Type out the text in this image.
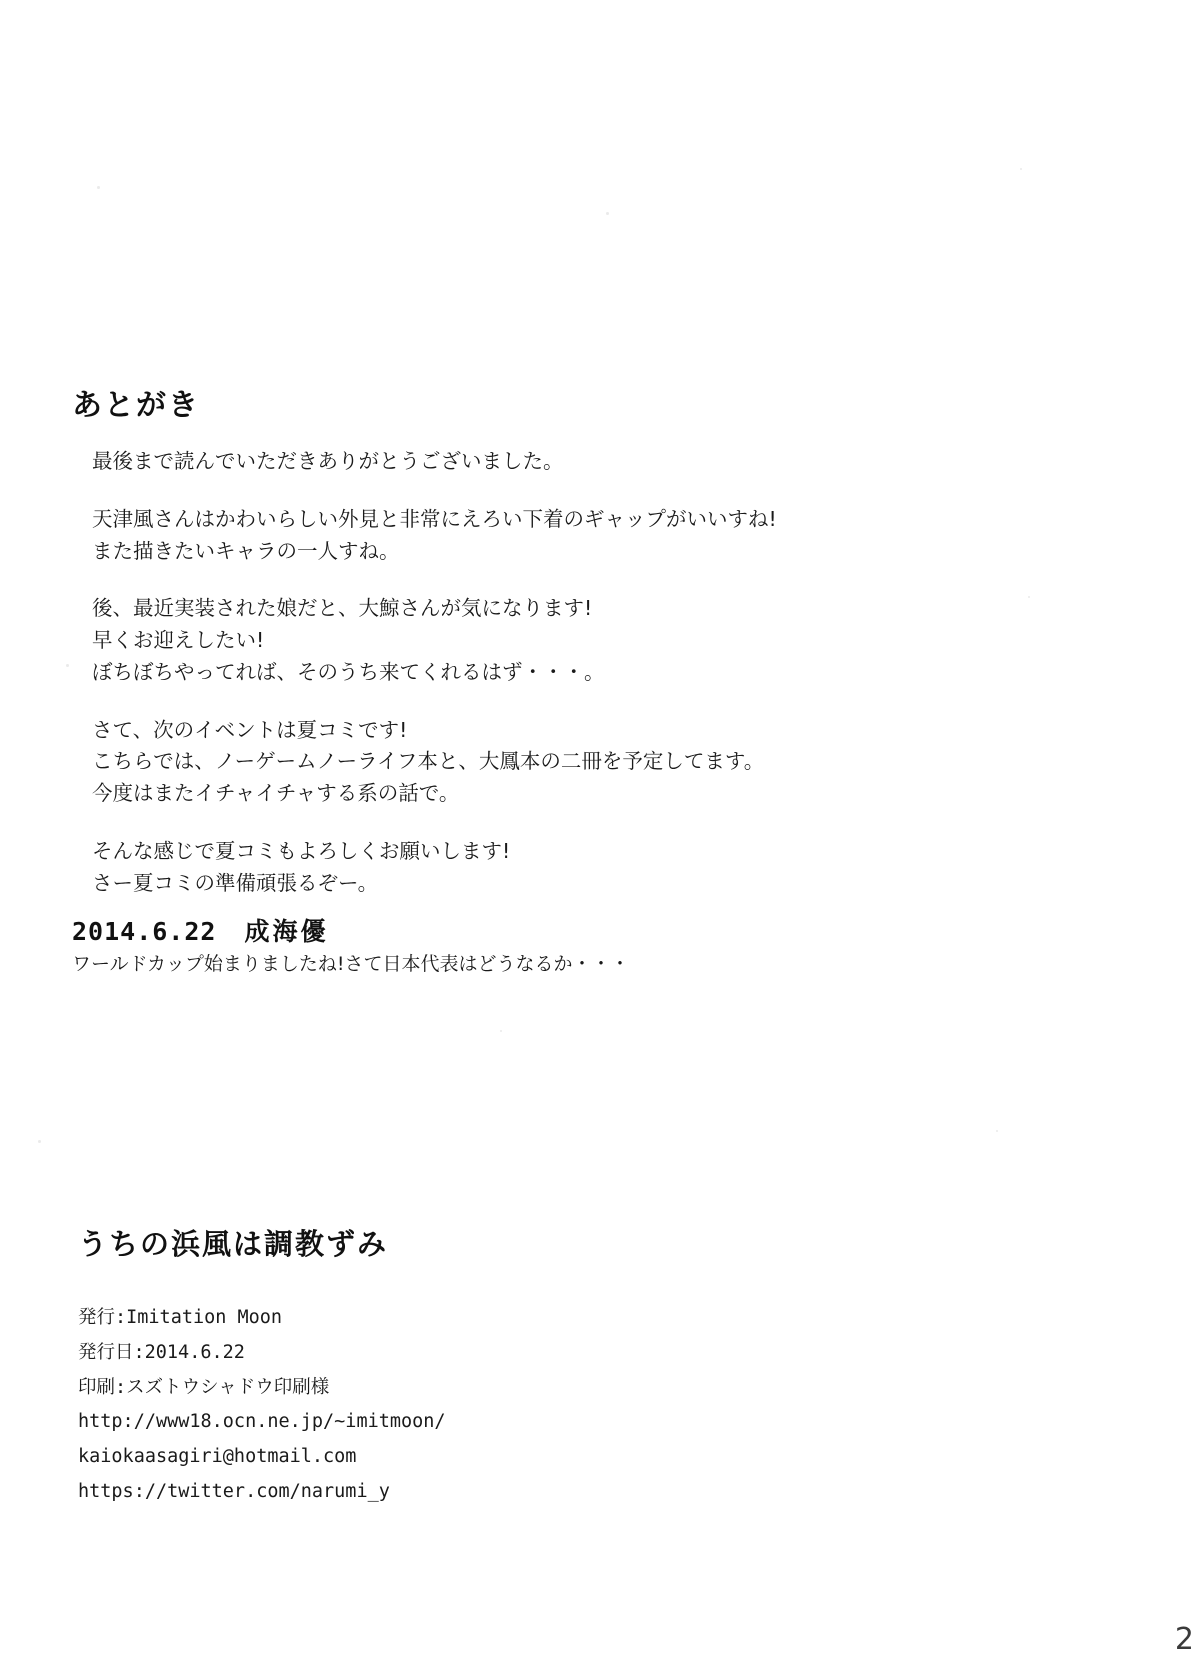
あとがき
最後まで読んでいただきありがとうございました。
天津風さんはかわいらしい外見と非常にえろい下着のギャップがいいすね!
また描きたいキャラの一人すね。
後、最近実装された娘だと、大鯨さんが気になります!
早くお迎えしたい!
ぼちぼちやってれば、そのうち来てくれるはず・・・。
さて、次のイベントは夏コミです!
こちらでは、ノーゲームノーライフ本と、大鳳本の二冊を予定してます。
今度はまたイチャイチャする系の話で。
そんな感じで夏コミもよろしくお願いします!
さー夏コミの準備頑張るぞー。
2014.6.22 成海優
ワールドカップ始まりましたね!さて日本代表はどうなるか・・・
うちの浜風は調教ずみ
発行:Imitation Moon
発行日:2014.6.22
印刷:スズトウシャドウ印刷様
http://www18.ocn.ne.jp/~imitmoon/
kaiokaasagiri@hotmail.com
https://twitter.com/narumi_y
2
